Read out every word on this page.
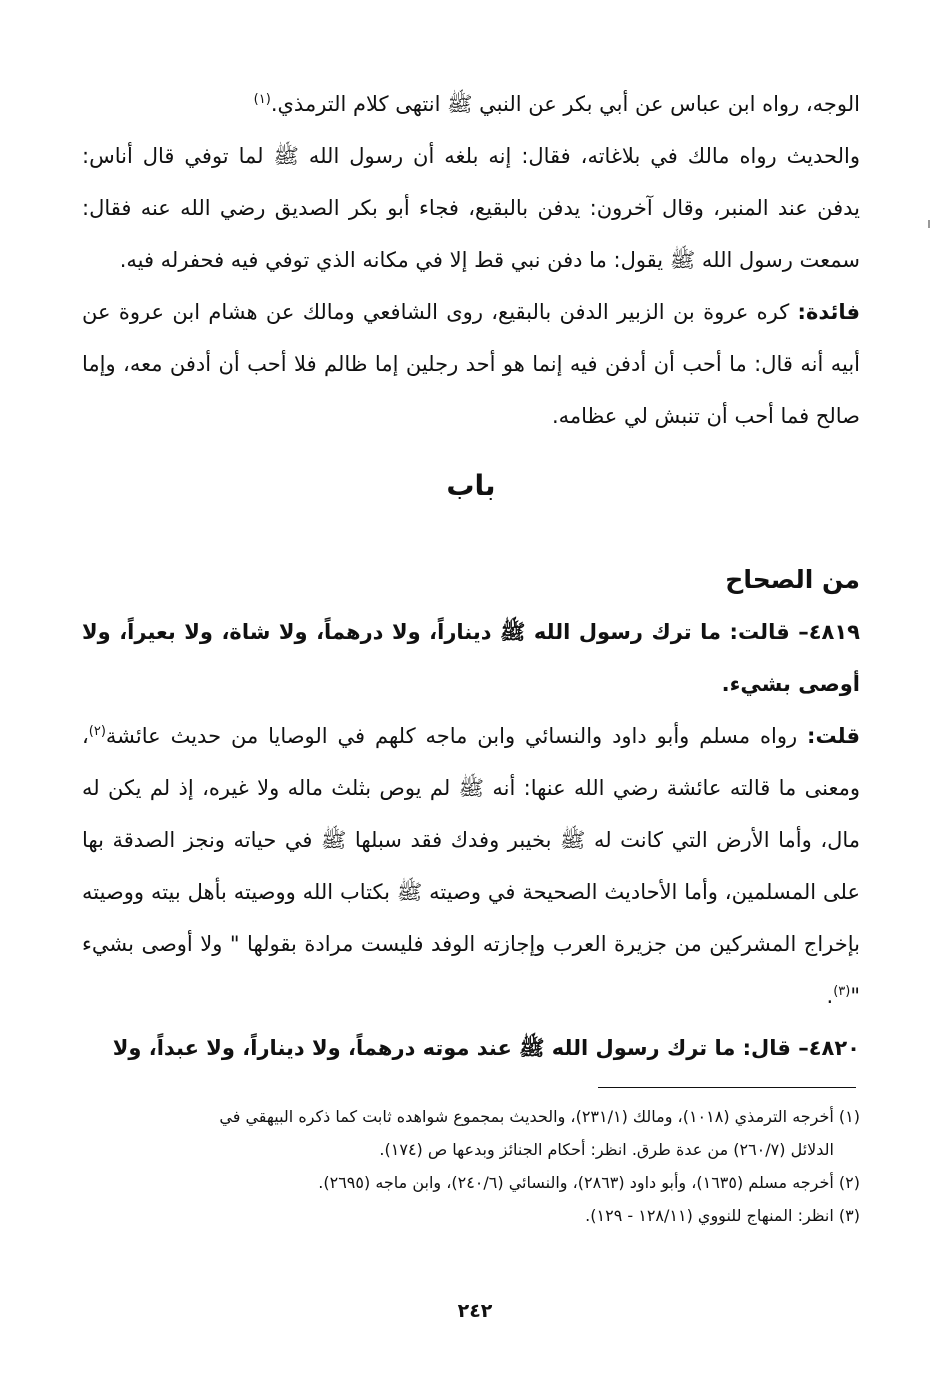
الوجه، رواه ابن عباس عن أبي بكر عن النبي ﷺ انتهى كلام الترمذي.$^{(١)}$

والحديث رواه مالك في بلاغاته، فقال: إنه بلغه أن رسول الله ﷺ لما توفي قال أناس: يدفن عند المنبر، وقال آخرون: يدفن بالبقيع، فجاء أبو بكر الصديق رضي الله عنه فقال: سمعت رسول الله ﷺ يقول: ما دفن نبي قط إلا في مكانه الذي توفي فيه فحفرله فيه.

فائدة: كره عروة بن الزبير الدفن بالبقيع، روى الشافعي ومالك عن هشام ابن عروة عن أبيه أنه قال: ما أحب أن أدفن فيه إنما هو أحد رجلين إما ظالم فلا أحب أن أدفن معه، وإما صالح فما أحب أن تنبش لي عظامه.

باب

من الصحاح

٤٨١٩– قالت: ما ترك رسول الله ﷺ ديناراً، ولا درهماً، ولا شاة، ولا بعيراً، ولا أوصى بشيء.

قلت: رواه مسلم وأبو داود والنسائي وابن ماجه كلهم في الوصايا من حديث عائشة$^{(٢)}$، ومعنى ما قالته عائشة رضي الله عنها: أنه ﷺ لم يوص بثلث ماله ولا غيره، إذ لم يكن له مال، وأما الأرض التي كانت له ﷺ بخيبر وفدك فقد سبلها ﷺ في حياته ونجز الصدقة بها على المسلمين، وأما الأحاديث الصحيحة في وصيته ﷺ بكتاب الله ووصيته بأهل بيته ووصيته بإخراج المشركين من جزيرة العرب وإجازته الوفد فليست مرادة بقولها " ولا أوصى بشيء "$^{(٣)}$.

٤٨٢٠– قال: ما ترك رسول الله ﷺ عند موته درهماً، ولا ديناراً، ولا عبداً، ولا

(١) أخرجه الترمذي (١٠١٨)، ومالك (٢٣١/١)، والحديث بمجموع شواهده ثابت كما ذكره البيهقي في

الدلائل (٢٦٠/٧) من عدة طرق. انظر: أحكام الجنائز وبدعها ص (١٧٤).

(٢) أخرجه مسلم (١٦٣٥)، وأبو داود (٢٨٦٣)، والنسائي (٢٤٠/٦)، وابن ماجه (٢٦٩٥).

(٣) انظر: المنهاج للنووي (١٢٨/١١ - ١٢٩).

٢٤٢
